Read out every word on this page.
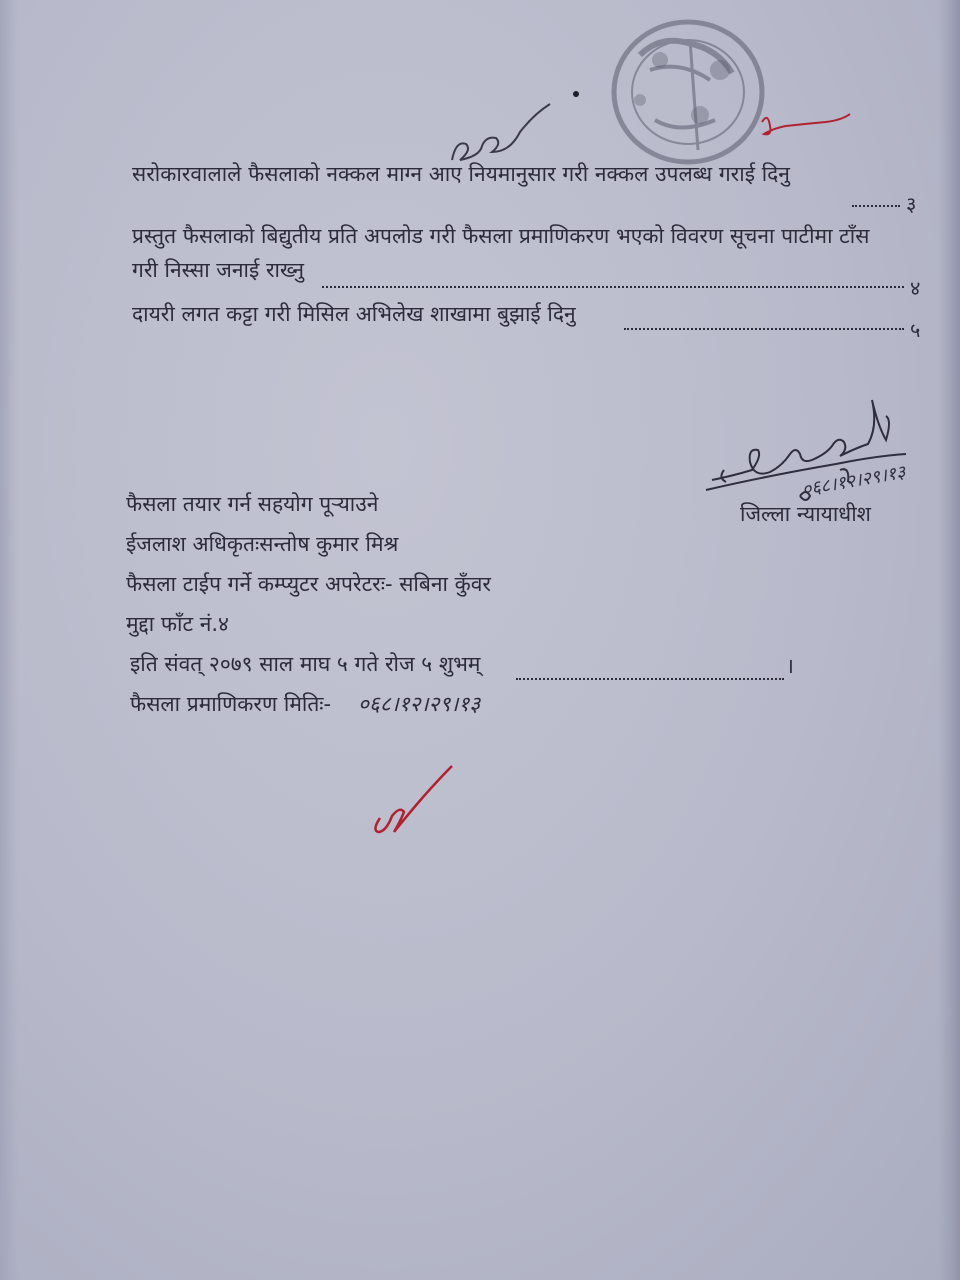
सरोकारवालाले फैसलाको नक्कल माग्न आए नियमानुसार गरी नक्कल उपलब्ध गराई दिनु
३
प्रस्तुत फैसलाको बिद्युतीय प्रति अपलोड गरी फैसला प्रमाणिकरण भएको विवरण सूचना पाटीमा टाँस
गरी निस्सा जनाई राख्नु
४
दायरी लगत कट्टा गरी मिसिल अभिलेख शाखामा बुझाई दिनु
५
०६८।१२।२९।१३
जिल्ला न्यायाधीश
फैसला तयार गर्न सहयोग पूऱ्याउने
ईजलाश अधिकृतःसन्तोष कुमार मिश्र
फैसला टाईप गर्ने कम्प्युटर अपरेटरः- सबिना कुँवर
मुद्दा फाँट नं.४
इति संवत् २०७९ साल माघ ५ गते रोज ५ शुभम्	।
फैसला प्रमाणिकरण मितिः- ०६८।१२।२९।१३
